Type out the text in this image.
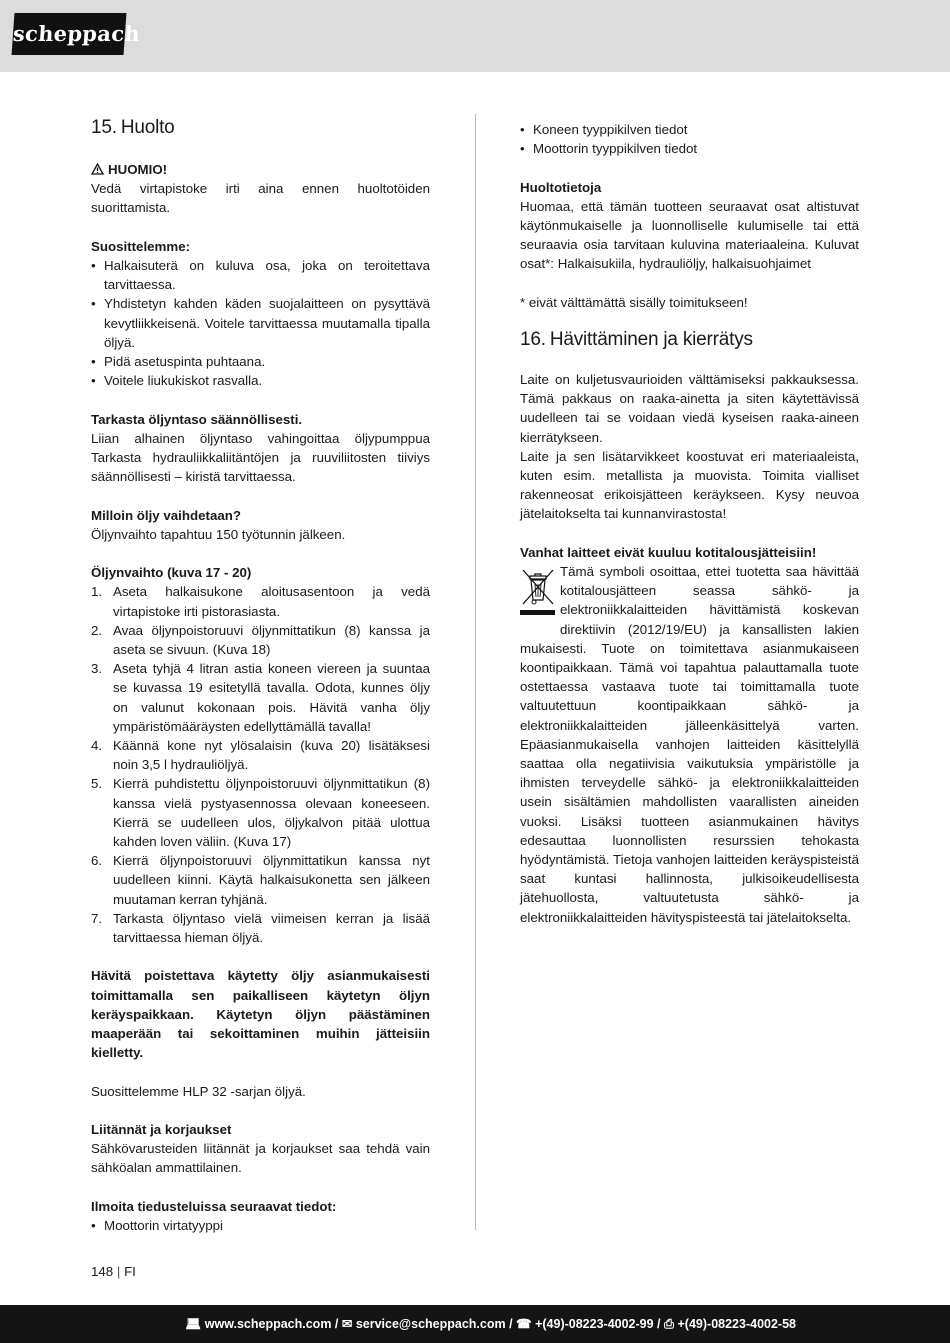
scheppach
15. Huolto

HUOMIO!

Vedä virtapistoke irti aina ennen huoltotöiden suorittamista.

Suosittelemme:

• Halkaisuterä on kuluva osa, joka on teroitettava tarvittaessa.
• Yhdistetyn kahden käden suojalaitteen on pysyttävä kevytliikkeisenä. Voitele tarvittaessa muutamalla tipalla öljyä.
• Pidä asetuspinta puhtaana.
• Voitele liukukiskot rasvalla.

Tarkasta öljyntaso säännöllisesti.

Liian alhainen öljyntaso vahingoittaa öljypumppua Tarkasta hydrauliikkaliitäntöjen ja ruuviliitosten tiiviys säännöllisesti – kiristä tarvittaessa.

Milloin öljy vaihdetaan?

Öljynvaihto tapahtuu 150 työtunnin jälkeen.

Öljynvaihto (kuva 17 - 20)

1. Aseta halkaisukone aloitusasentoon ja vedä virtapistoke irti pistorasiasta.
2. Avaa öljynpoistoruuvi öljynmittatikun (8) kanssa ja aseta se sivuun. (Kuva 18)
3. Aseta tyhjä 4 litran astia koneen viereen ja suuntaa se kuvassa 19 esitetyllä tavalla. Odota, kunnes öljy on valunut kokonaan pois. Hävitä vanha öljy ympäristömääräysten edellyttämällä tavalla!
4. Käännä kone nyt ylösalaisin (kuva 20) lisätäksesi noin 3,5 l hydrauliöljyä.
5. Kierrä puhdistettu öljynpoistoruuvi öljynmittatikun (8) kanssa vielä pystyasennossa olevaan koneeseen. Kierrä se uudelleen ulos, öljykalvon pitää ulottua kahden loven väliin. (Kuva 17)
6. Kierrä öljynpoistoruuvi öljynmittatikun kanssa nyt uudelleen kiinni. Käytä halkaisukonetta sen jälkeen muutaman kerran tyhjänä.
7. Tarkasta öljyntaso vielä viimeisen kerran ja lisää tarvittaessa hieman öljyä.

Hävitä poistettava käytetty öljy asianmukaisesti toimittamalla sen paikalliseen käytetyn öljyn keräyspaikkaan. Käytetyn öljyn päästäminen maaperään tai sekoittaminen muihin jätteisiin kielletty.

Suosittelemme HLP 32 -sarjan öljyä.

Liitännät ja korjaukset

Sähkövarusteiden liitännät ja korjaukset saa tehdä vain sähköalan ammattilainen.

Ilmoita tiedusteluissa seuraavat tiedot:

• Moottorin virtatyyppi
• Koneen tyyppikilven tiedot
• Moottorin tyyppikilven tiedot

Huoltotietoja

Huomaa, että tämän tuotteen seuraavat osat altistuvat käytönmukaiselle ja luonnolliselle kulumiselle tai että seuraavia osia tarvitaan kuluvina materiaaleina. Kuluvat osat*: Halkaisukiila, hydrauliöljy, halkaisuohjaimet

* eivät välttämättä sisälly toimitukseen!

16. Hävittäminen ja kierrätys

Laite on kuljetusvaurioiden välttämiseksi pakkauksessa. Tämä pakkaus on raaka-ainetta ja siten käytettävissä uudelleen tai se voidaan viedä kyseisen raaka-aineen kierrätykseen.

Laite ja sen lisätarvikkeet koostuvat eri materiaaleista, kuten esim. metallista ja muovista. Toimita vialliset rakenneosat erikoisjätteen keräykseen. Kysy neuvoa jätelaitokselta tai kunnanvirastosta!

Vanhat laitteet eivät kuuluu kotitalousjätteisiin!

Tämä symboli osoittaa, ettei tuotetta saa hävittää kotitalousjätteen seassa sähkö- ja elektroniikkalaitteiden hävittämistä koskevan direktiivin (2012/19/EU) ja kansallisten lakien mukaisesti. Tuote on toimitettava asianmukaiseen koontipaikkaan. Tämä voi tapahtua palauttamalla tuote ostettaessa vastaava tuote tai toimittamalla tuote valtuutettuun koontipaikkaan sähkö- ja elektroniikkalaitteiden jälleenkäsittelyä varten. Epäasianmukaisella vanhojen laitteiden käsittelyllä saattaa olla negatiivisia vaikutuksia ympäristölle ja ihmisten terveydelle sähkö- ja elektroniikkalaitteiden usein sisältämien mahdollisten vaarallisten aineiden vuoksi. Lisäksi tuotteen asianmukainen hävitys edesauttaa luonnollisten resurssien tehokasta hyödyntämistä. Tietoja vanhojen laitteiden keräyspisteistä saat kuntasi hallinnosta, julkisoikeudellisesta jätehuollosta, valtuutetusta sähkö- ja elektroniikkalaitteiden hävityspisteestä tai jätelaitokselta.
148 | FI
💻︎ www.scheppach.com / ✉︎ service@scheppach.com / ☎︎ +(49)-08223-4002-99 / ⎙ +(49)-08223-4002-58
